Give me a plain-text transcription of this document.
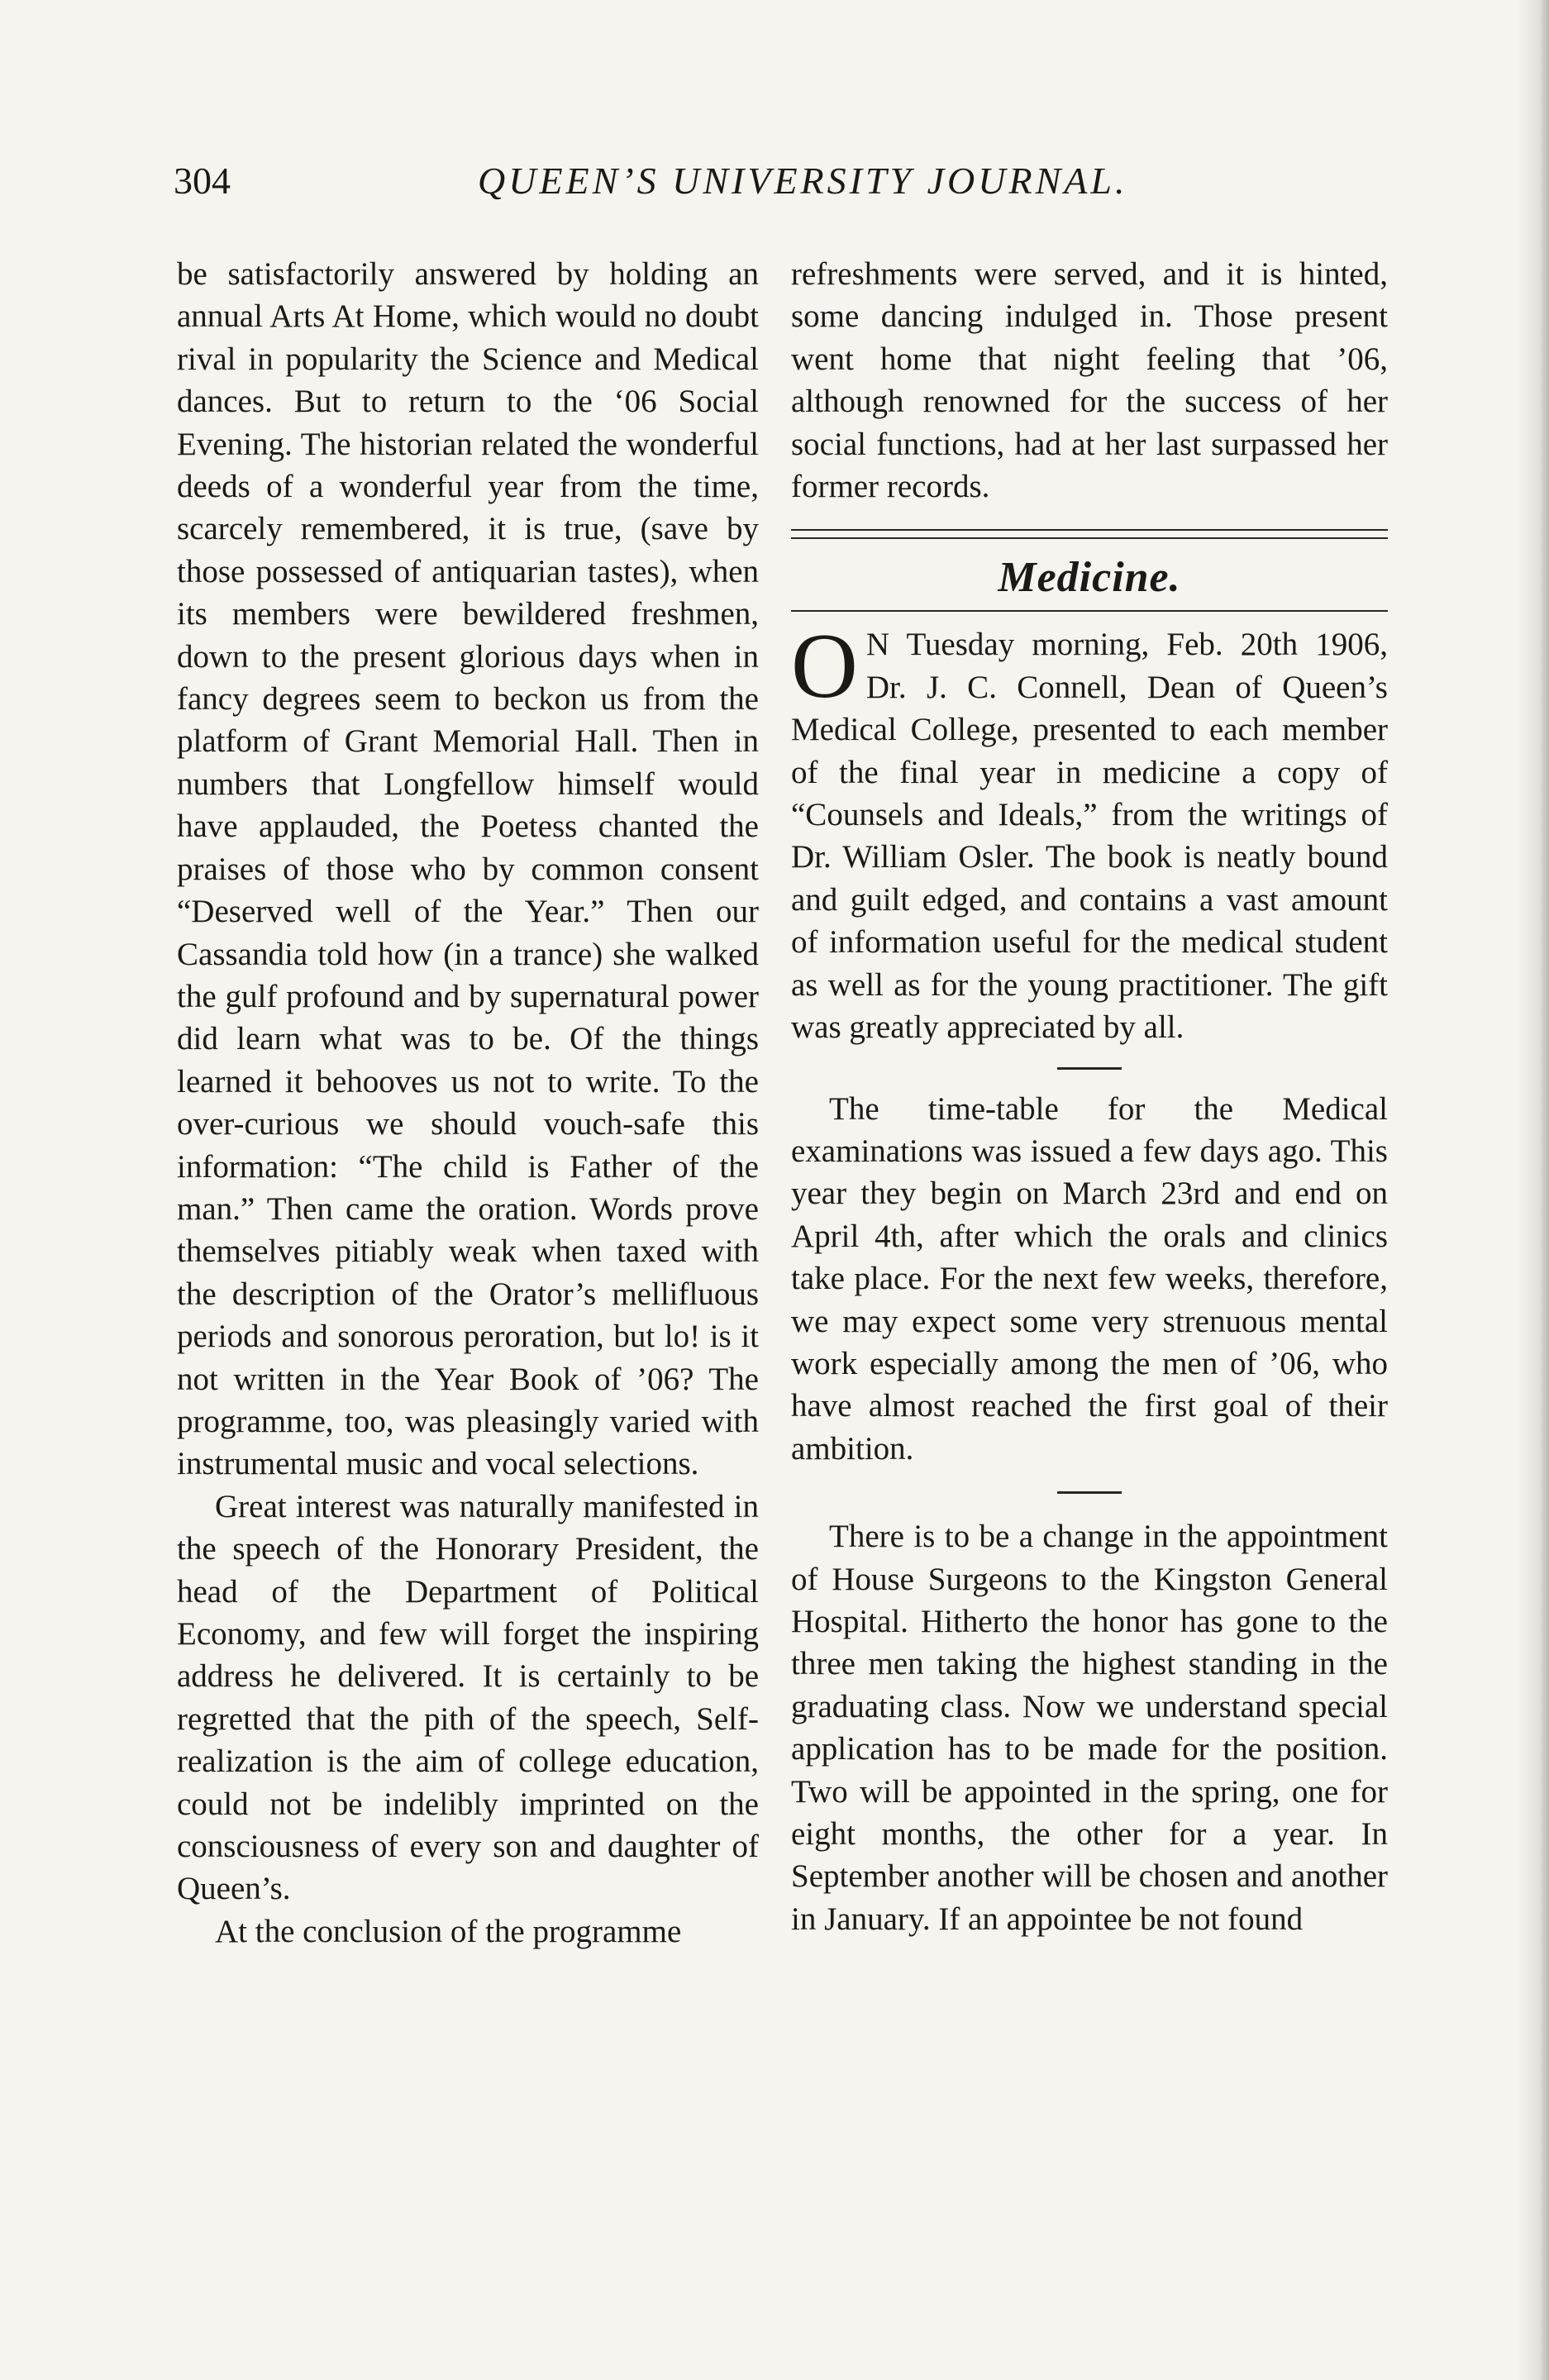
304	QUEEN’S UNIVERSITY JOURNAL.

be satisfactorily answered by holding an annual Arts At Home, which would no doubt rival in popularity the Science and Medical dances. But to return to the ‘06 Social Evening. The historian related the wonderful deeds of a wonderful year from the time, scarcely remembered, it is true, (save by those possessed of antiquarian tastes), when its members were bewildered freshmen, down to the present glorious days when in fancy degrees seem to beckon us from the platform of Grant Memorial Hall. Then in numbers that Longfellow himself would have applauded, the Poetess chanted the praises of those who by common consent “Deserved well of the Year.” Then our Cassandia told how (in a trance) she walked the gulf profound and by supernatural power did learn what was to be. Of the things learned it behooves us not to write. To the over-curious we should vouch-safe this information: “The child is Father of the man.” Then came the oration. Words prove themselves pitiably weak when taxed with the description of the Orator’s mellifluous periods and sonorous peroration, but lo! is it not written in the Year Book of ’06? The programme, too, was pleasingly varied with instrumental music and vocal selections.

Great interest was naturally manifested in the speech of the Honorary President, the head of the Department of Political Economy, and few will forget the inspiring address he delivered. It is certainly to be regretted that the pith of the speech, Self-realization is the aim of college education, could not be indelibly imprinted on the consciousness of every son and daughter of Queen’s.

At the conclusion of the programme

refreshments were served, and it is hinted, some dancing indulged in. Those present went home that night feeling that ’06, although renowned for the success of her social functions, had at her last surpassed her former records.

Medicine.

O N Tuesday morning, Feb. 20th 1906, Dr. J. C. Connell, Dean of Queen’s Medical College, presented to each member of the final year in medicine a copy of “Counsels and Ideals,” from the writings of Dr. William Osler. The book is neatly bound and guilt edged, and contains a vast amount of information useful for the medical student as well as for the young practitioner. The gift was greatly appreciated by all.

The time-table for the Medical examinations was issued a few days ago. This year they begin on March 23rd and end on April 4th, after which the orals and clinics take place. For the next few weeks, therefore, we may expect some very strenuous mental work especially among the men of ’06, who have almost reached the first goal of their ambition.

There is to be a change in the appointment of House Surgeons to the Kingston General Hospital. Hitherto the honor has gone to the three men taking the highest standing in the graduating class. Now we understand special application has to be made for the position. Two will be appointed in the spring, one for eight months, the other for a year. In September another will be chosen and another in January. If an appointee be not found
